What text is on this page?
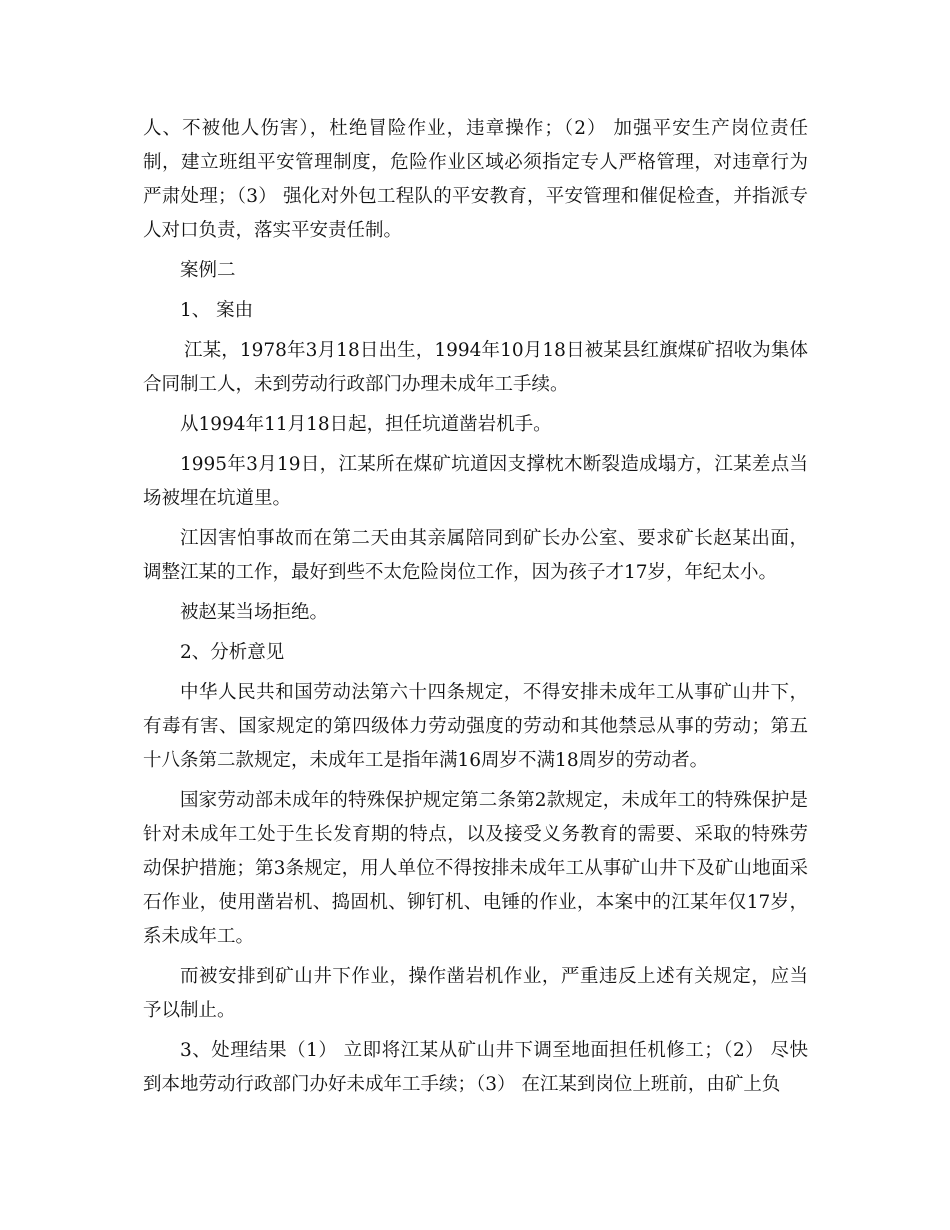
人、不被他人伤害），杜绝冒险作业，违章操作；（2） 加强平安生产岗位责任制，建立班组平安管理制度，危险作业区域必须指定专人严格管理，对违章行为严肃处理；（3） 强化对外包工程队的平安教育，平安管理和催促检查，并指派专人对口负责，落实平安责任制。

案例二

1、 案由

江某，1978年3月18日出生，1994年10月18日被某县红旗煤矿招收为集体合同制工人，未到劳动行政部门办理未成年工手续。

从1994年11月18日起，担任坑道凿岩机手。

1995年3月19日，江某所在煤矿坑道因支撑枕木断裂造成塌方，江某差点当场被埋在坑道里。

江因害怕事故而在第二天由其亲属陪同到矿长办公室、要求矿长赵某出面，调整江某的工作，最好到些不太危险岗位工作，因为孩子才17岁，年纪太小。

被赵某当场拒绝。

2、分析意见

中华人民共和国劳动法第六十四条规定，不得安排未成年工从事矿山井下，有毒有害、国家规定的第四级体力劳动强度的劳动和其他禁忌从事的劳动；第五十八条第二款规定，未成年工是指年满16周岁不满18周岁的劳动者。

国家劳动部未成年的特殊保护规定第二条第2款规定，未成年工的特殊保护是针对未成年工处于生长发育期的特点，以及接受义务教育的需要、采取的特殊劳动保护措施；第3条规定，用人单位不得按排未成年工从事矿山井下及矿山地面采石作业，使用凿岩机、捣固机、铆钉机、电锤的作业，本案中的江某年仅17岁，系未成年工。

而被安排到矿山井下作业，操作凿岩机作业，严重违反上述有关规定，应当予以制止。

3、处理结果（1） 立即将江某从矿山井下调至地面担任机修工；（2） 尽快到本地劳动行政部门办好未成年工手续；（3） 在江某到岗位上班前，由矿上负
